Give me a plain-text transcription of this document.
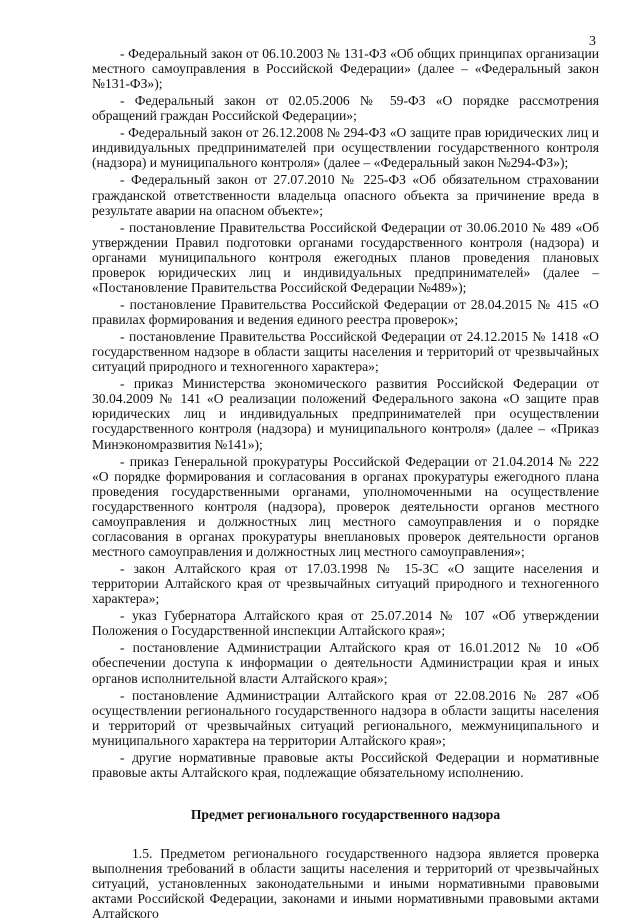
3

- Федеральный закон от 06.10.2003 № 131-ФЗ «Об общих принципах организации местного самоуправления в Российской Федерации» (далее – «Федеральный закон №131-ФЗ»);

- Федеральный закон от 02.05.2006 № 59-ФЗ «О порядке рассмотрения обращений граждан Российской Федерации»;

- Федеральный закон от 26.12.2008 № 294-ФЗ «О защите прав юридических лиц и индивидуальных предпринимателей при осуществлении государственного контроля (надзора) и муниципального контроля» (далее – «Федеральный закон №294-ФЗ»);

- Федеральный закон от 27.07.2010 № 225-ФЗ «Об обязательном страховании гражданской ответственности владельца опасного объекта за причинение вреда в результате аварии на опасном объекте»;

- постановление Правительства Российской Федерации от 30.06.2010 № 489 «Об утверждении Правил подготовки органами государственного контроля (надзора) и органами муниципального контроля ежегодных планов проведения плановых проверок юридических лиц и индивидуальных предпринимателей» (далее – «Постановление Правительства Российской Федерации №489»);

- постановление Правительства Российской Федерации от 28.04.2015 № 415 «О правилах формирования и ведения единого реестра проверок»;

- постановление Правительства Российской Федерации от 24.12.2015 № 1418 «О государственном надзоре в области защиты населения и территорий от чрезвычайных ситуаций природного и техногенного характера»;

- приказ Министерства экономического развития Российской Федерации от 30.04.2009 № 141 «О реализации положений Федерального закона «О защите прав юридических лиц и индивидуальных предпринимателей при осуществлении государственного контроля (надзора) и муниципального контроля» (далее – «Приказ Минэкономразвития №141»);

- приказ Генеральной прокуратуры Российской Федерации от 21.04.2014 № 222 «О порядке формирования и согласования в органах прокуратуры ежегодного плана проведения государственными органами, уполномоченными на осуществление государственного контроля (надзора), проверок деятельности органов местного самоуправления и должностных лиц местного самоуправления и о порядке согласования в органах прокуратуры внеплановых проверок деятельности органов местного самоуправления и должностных лиц местного самоуправления»;

- закон Алтайского края от 17.03.1998 № 15-ЗС «О защите населения и территории Алтайского края от чрезвычайных ситуаций природного и техногенного характера»;

- указ Губернатора Алтайского края от 25.07.2014 № 107 «Об утверждении Положения о Государственной инспекции Алтайского края»;

- постановление Администрации Алтайского края от 16.01.2012 № 10 «Об обеспечении доступа к информации о деятельности Администрации края и иных органов исполнительной власти Алтайского края»;

- постановление Администрации Алтайского края от 22.08.2016 № 287 «Об осуществлении регионального государственного надзора в области защиты населения и территорий от чрезвычайных ситуаций регионального, межмуниципального и муниципального характера на территории Алтайского края»;

- другие нормативные правовые акты Российской Федерации и нормативные правовые акты Алтайского края, подлежащие обязательному исполнению.

Предмет регионального государственного надзора

1.5. Предметом регионального государственного надзора является проверка выполнения требований в области защиты населения и территорий от чрезвычайных ситуаций, установленных законодательными и иными нормативными правовыми актами Российской Федерации, законами и иными нормативными правовыми актами Алтайского
